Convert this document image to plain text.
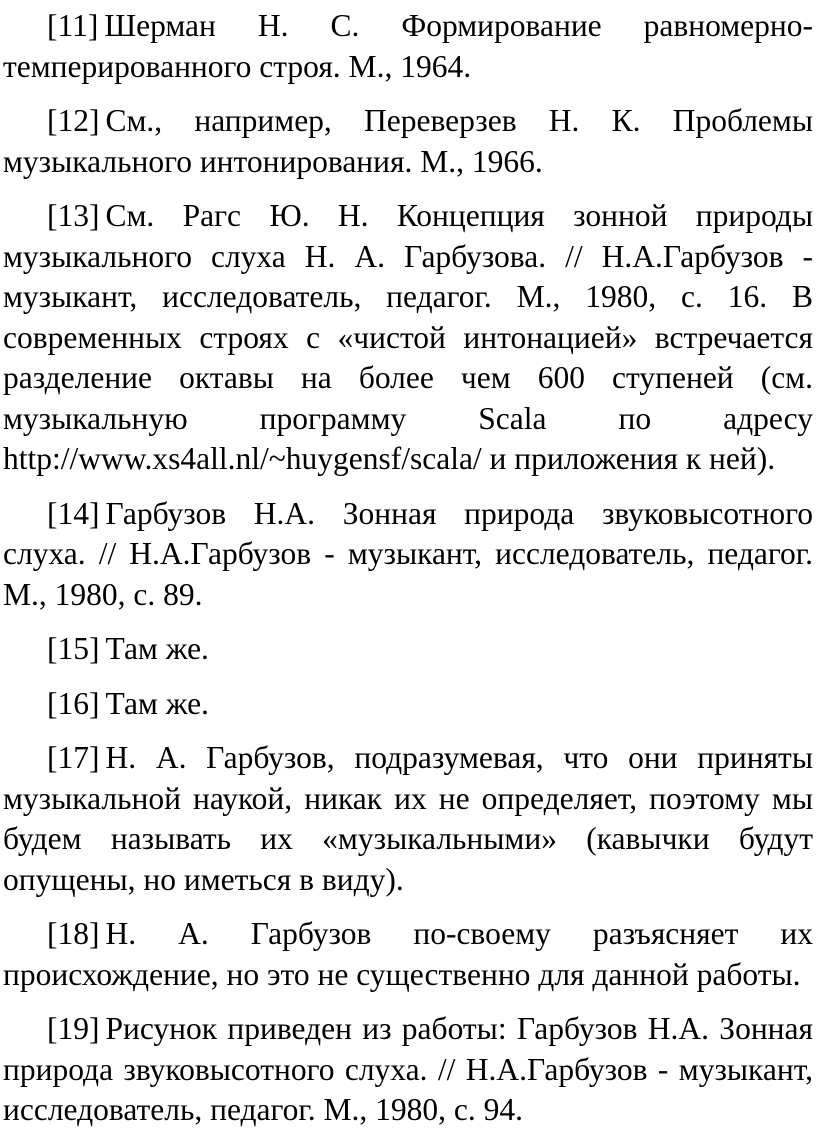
[11] Шерман Н. С. Формирование равномерно-темперированного строя. М., 1964.

[12] См., например, Переверзев Н. К. Проблемы музыкального интонирования. М., 1966.

[13] См. Рагс Ю. Н. Концепция зонной природы музыкального слуха Н. А. Гарбузова. // Н.А.Гарбузов - музыкант, исследователь, педагог. М., 1980, с. 16. В современных строях с «чистой интонацией» встречается разделение октавы на более чем 600 ступеней (см. музыкальную программу Scala по адресу http://www.xs4all.nl/~huygensf/scala/ и приложения к ней).

[14] Гарбузов Н.А. Зонная природа звуковысотного слуха. // Н.А.Гарбузов - музыкант, исследователь, педагог. М., 1980, с. 89.

[15] Там же.

[16] Там же.

[17] Н. А. Гарбузов, подразумевая, что они приняты музыкальной наукой, никак их не определяет, поэтому мы будем называть их «музыкальными» (кавычки будут опущены, но иметься в виду).

[18] Н. А. Гарбузов по-своему разъясняет их происхождение, но это не существенно для данной работы.

[19] Рисунок приведен из работы: Гарбузов Н.А. Зонная природа звуковысотного слуха. // Н.А.Гарбузов - музыкант, исследователь, педагог. М., 1980, с. 94.
